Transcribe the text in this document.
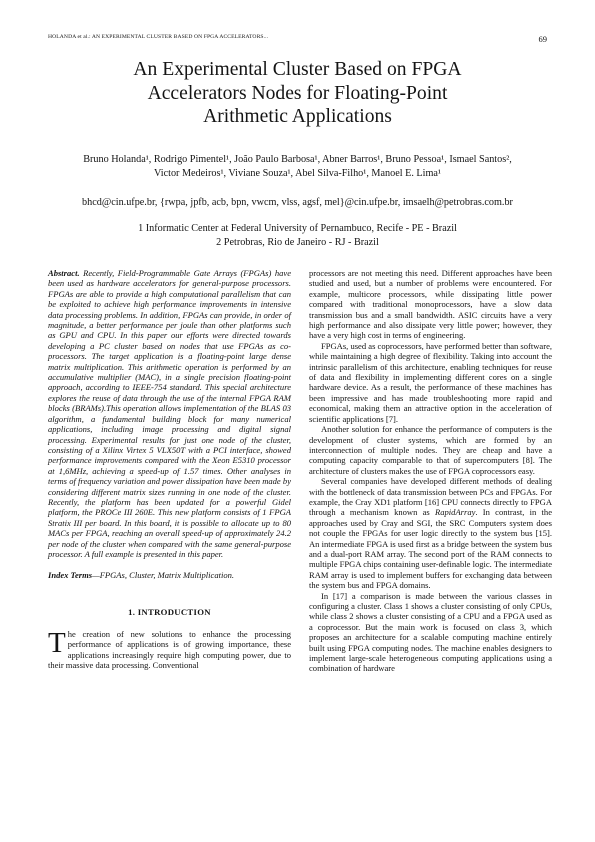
HOLANDA et al.: AN EXPERIMENTAL CLUSTER BASED ON FPGA ACCELERATORS...	69
An Experimental Cluster Based on FPGA
Accelerators Nodes for Floating-Point
Arithmetic Applications
Bruno Holanda¹, Rodrigo Pimentel¹, João Paulo Barbosa¹, Abner Barros¹, Bruno Pessoa¹, Ismael Santos²,
Victor Medeiros¹, Viviane Souza¹, Abel Silva-Filho¹, Manoel E. Lima¹
bhcd@cin.ufpe.br, {rwpa, jpfb, acb, bpn, vwcm, vlss, agsf, mel}@cin.ufpe.br, imsaelh@petrobras.com.br
1 Informatic Center at Federal University of Pernambuco, Recife - PE - Brazil
2 Petrobras, Rio de Janeiro - RJ - Brazil

Abstract. Recently, Field-Programmable Gate Arrays (FPGAs) have been used as hardware accelerators for general-purpose processors. FPGAs are able to provide a high computational parallelism that can be exploited to achieve high performance improvements in intensive data processing problems. In addition, FPGAs can provide, in order of magnitude, a better performance per joule than other platforms such as GPU and CPU. In this paper our efforts were directed towards developing a PC cluster based on nodes that use FPGAs as co-processors. The target application is a floating-point large dense matrix multiplication. This arithmetic operation is performed by an accumulative multiplier (MAC), in a single precision floating-point approach, according to IEEE-754 standard. This special architecture explores the reuse of data through the use of the internal FPGA RAM blocks (BRAMs).This operation allows implementation of the BLAS 03 algorithm, a fundamental building block for many numerical applications, including image processing and digital signal processing. Experimental results for just one node of the cluster, consisting of a Xilinx Virtex 5 VLX50T with a PCI interface, showed performance improvements compared with the Xeon E5310 processor at 1,6MHz, achieving a speed-up of 1.57 times. Other analyses in terms of frequency variation and power dissipation have been made by considering different matrix sizes running in one node of the cluster. Recently, the platform has been updated for a powerful Gidel platform, the PROCe III 260E. This new platform consists of 1 FPGA Stratix III per board. In this board, it is possible to allocate up to 80 MACs per FPGA, reaching an overall speed-up of approximately 24.2 per node of the cluster when compared with the same general-purpose processor. A full example is presented in this paper.

Index Terms—FPGAs, Cluster, Matrix Multiplication.

1. INTRODUCTION

The creation of new solutions to enhance the processing performance of applications is of growing importance, these applications increasingly require high computing power, due to their massive data processing. Conventional

processors are not meeting this need. Different approaches have been studied and used, but a number of problems were encountered. For example, multicore processors, while dissipating little power compared with traditional monoprocessors, have a slow data transmission bus and a small bandwidth. ASIC circuits have a very high performance and also dissipate very little power; however, they have a very high cost in terms of engineering.

FPGAs, used as coprocessors, have performed better than software, while maintaining a high degree of flexibility. Taking into account the intrinsic parallelism of this architecture, enabling techniques for reuse of data and flexibility in implementing different cores on a single hardware device. As a result, the performance of these machines has been impressive and has made troubleshooting more rapid and economical, making them an attractive option in the acceleration of scientific applications [7].

Another solution for enhance the performance of computers is the development of cluster systems, which are formed by an interconnection of multiple nodes. They are cheap and have a computing capacity comparable to that of supercomputers [8]. The architecture of clusters makes the use of FPGA coprocessors easy.

Several companies have developed different methods of dealing with the bottleneck of data transmission between PCs and FPGAs. For example, the Cray XD1 platform [16] CPU connects directly to FPGA through a mechanism known as RapidArray. In contrast, in the approaches used by Cray and SGI, the SRC Computers system does not couple the FPGAs for user logic directly to the system bus [15]. An intermediate FPGA is used first as a bridge between the system bus and a dual-port RAM array. The second port of the RAM connects to multiple FPGA chips containing user-definable logic. The intermediate RAM array is used to implement buffers for exchanging data between the system bus and FPGA domains.

In [17] a comparison is made between the various classes in configuring a cluster. Class 1 shows a cluster consisting of only CPUs, while class 2 shows a cluster consisting of a CPU and a FPGA used as a coprocessor. But the main work is focused on class 3, which proposes an architecture for a scalable computing machine entirely built using FPGA computing nodes. The machine enables designers to implement large-scale heterogeneous computing applications using a combination of hardware
